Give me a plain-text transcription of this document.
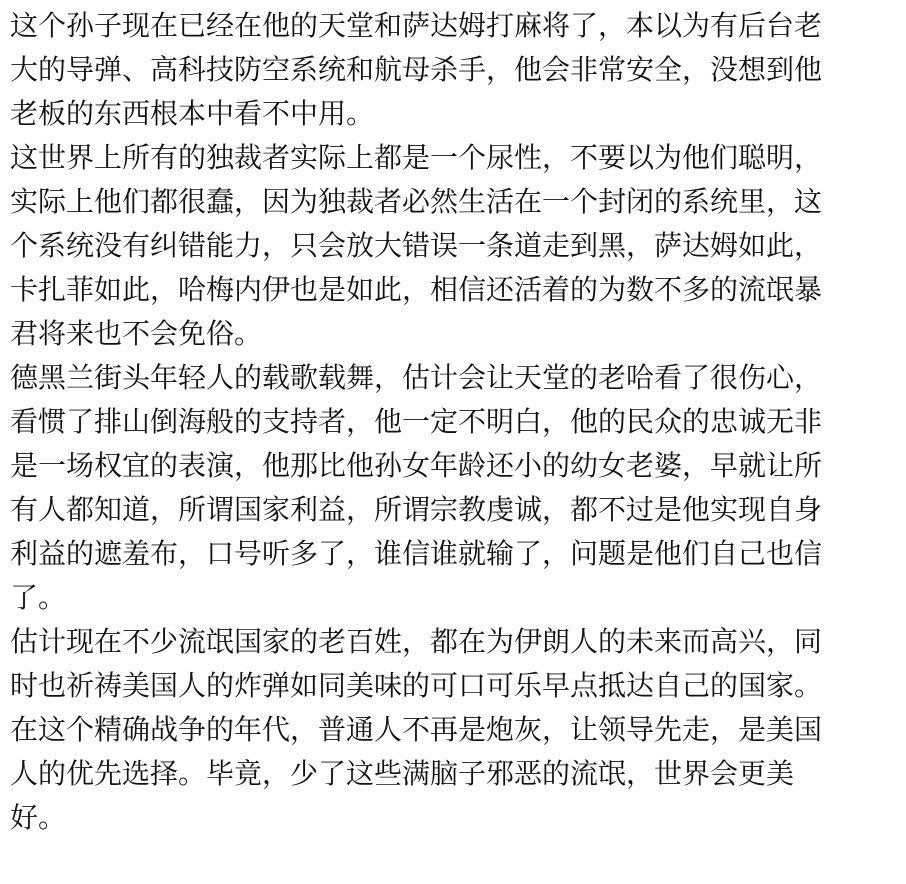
这个孙子现在已经在他的天堂和萨达姆打麻将了，本以为有后台老
大的导弹、高科技防空系统和航母杀手，他会非常安全，没想到他
老板的东西根本中看不中用。
这世界上所有的独裁者实际上都是一个尿性，不要以为他们聪明，
实际上他们都很蠢，因为独裁者必然生活在一个封闭的系统里，这
个系统没有纠错能力，只会放大错误一条道走到黑，萨达姆如此，
卡扎菲如此，哈梅内伊也是如此，相信还活着的为数不多的流氓暴
君将来也不会免俗。
德黑兰街头年轻人的载歌载舞，估计会让天堂的老哈看了很伤心，
看惯了排山倒海般的支持者，他一定不明白，他的民众的忠诚无非
是一场权宜的表演，他那比他孙女年龄还小的幼女老婆，早就让所
有人都知道，所谓国家利益，所谓宗教虔诚，都不过是他实现自身
利益的遮羞布，口号听多了，谁信谁就输了，问题是他们自己也信
了。
估计现在不少流氓国家的老百姓，都在为伊朗人的未来而高兴，同
时也祈祷美国人的炸弹如同美味的可口可乐早点抵达自己的国家。
在这个精确战争的年代，普通人不再是炮灰，让领导先走，是美国
人的优先选择。毕竟，少了这些满脑子邪恶的流氓，世界会更美
好。
